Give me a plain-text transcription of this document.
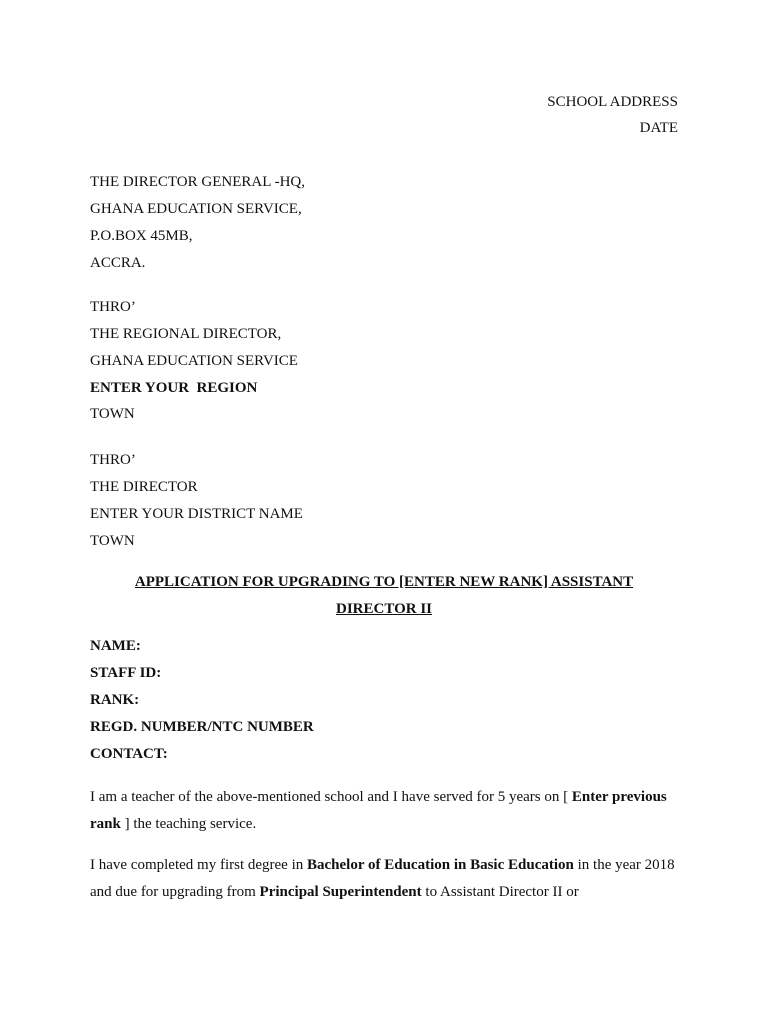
SCHOOL ADDRESS
DATE
THE DIRECTOR GENERAL -HQ,
GHANA EDUCATION SERVICE,
P.O.BOX 45MB,
ACCRA.
THRO’
THE REGIONAL DIRECTOR,
GHANA EDUCATION SERVICE
ENTER YOUR  REGION
TOWN
THRO’
THE DIRECTOR
ENTER YOUR DISTRICT NAME
TOWN
APPLICATION FOR UPGRADING TO [ENTER NEW RANK] ASSISTANT
DIRECTOR II
NAME:
STAFF ID:
RANK:
REGD. NUMBER/NTC NUMBER
CONTACT:
I am a teacher of the above-mentioned school and I have served for 5 years on [ Enter previous rank ] the teaching service.
I have completed my first degree in Bachelor of Education in Basic Education in the year 2018 and due for upgrading from Principal Superintendent to Assistant Director II or
